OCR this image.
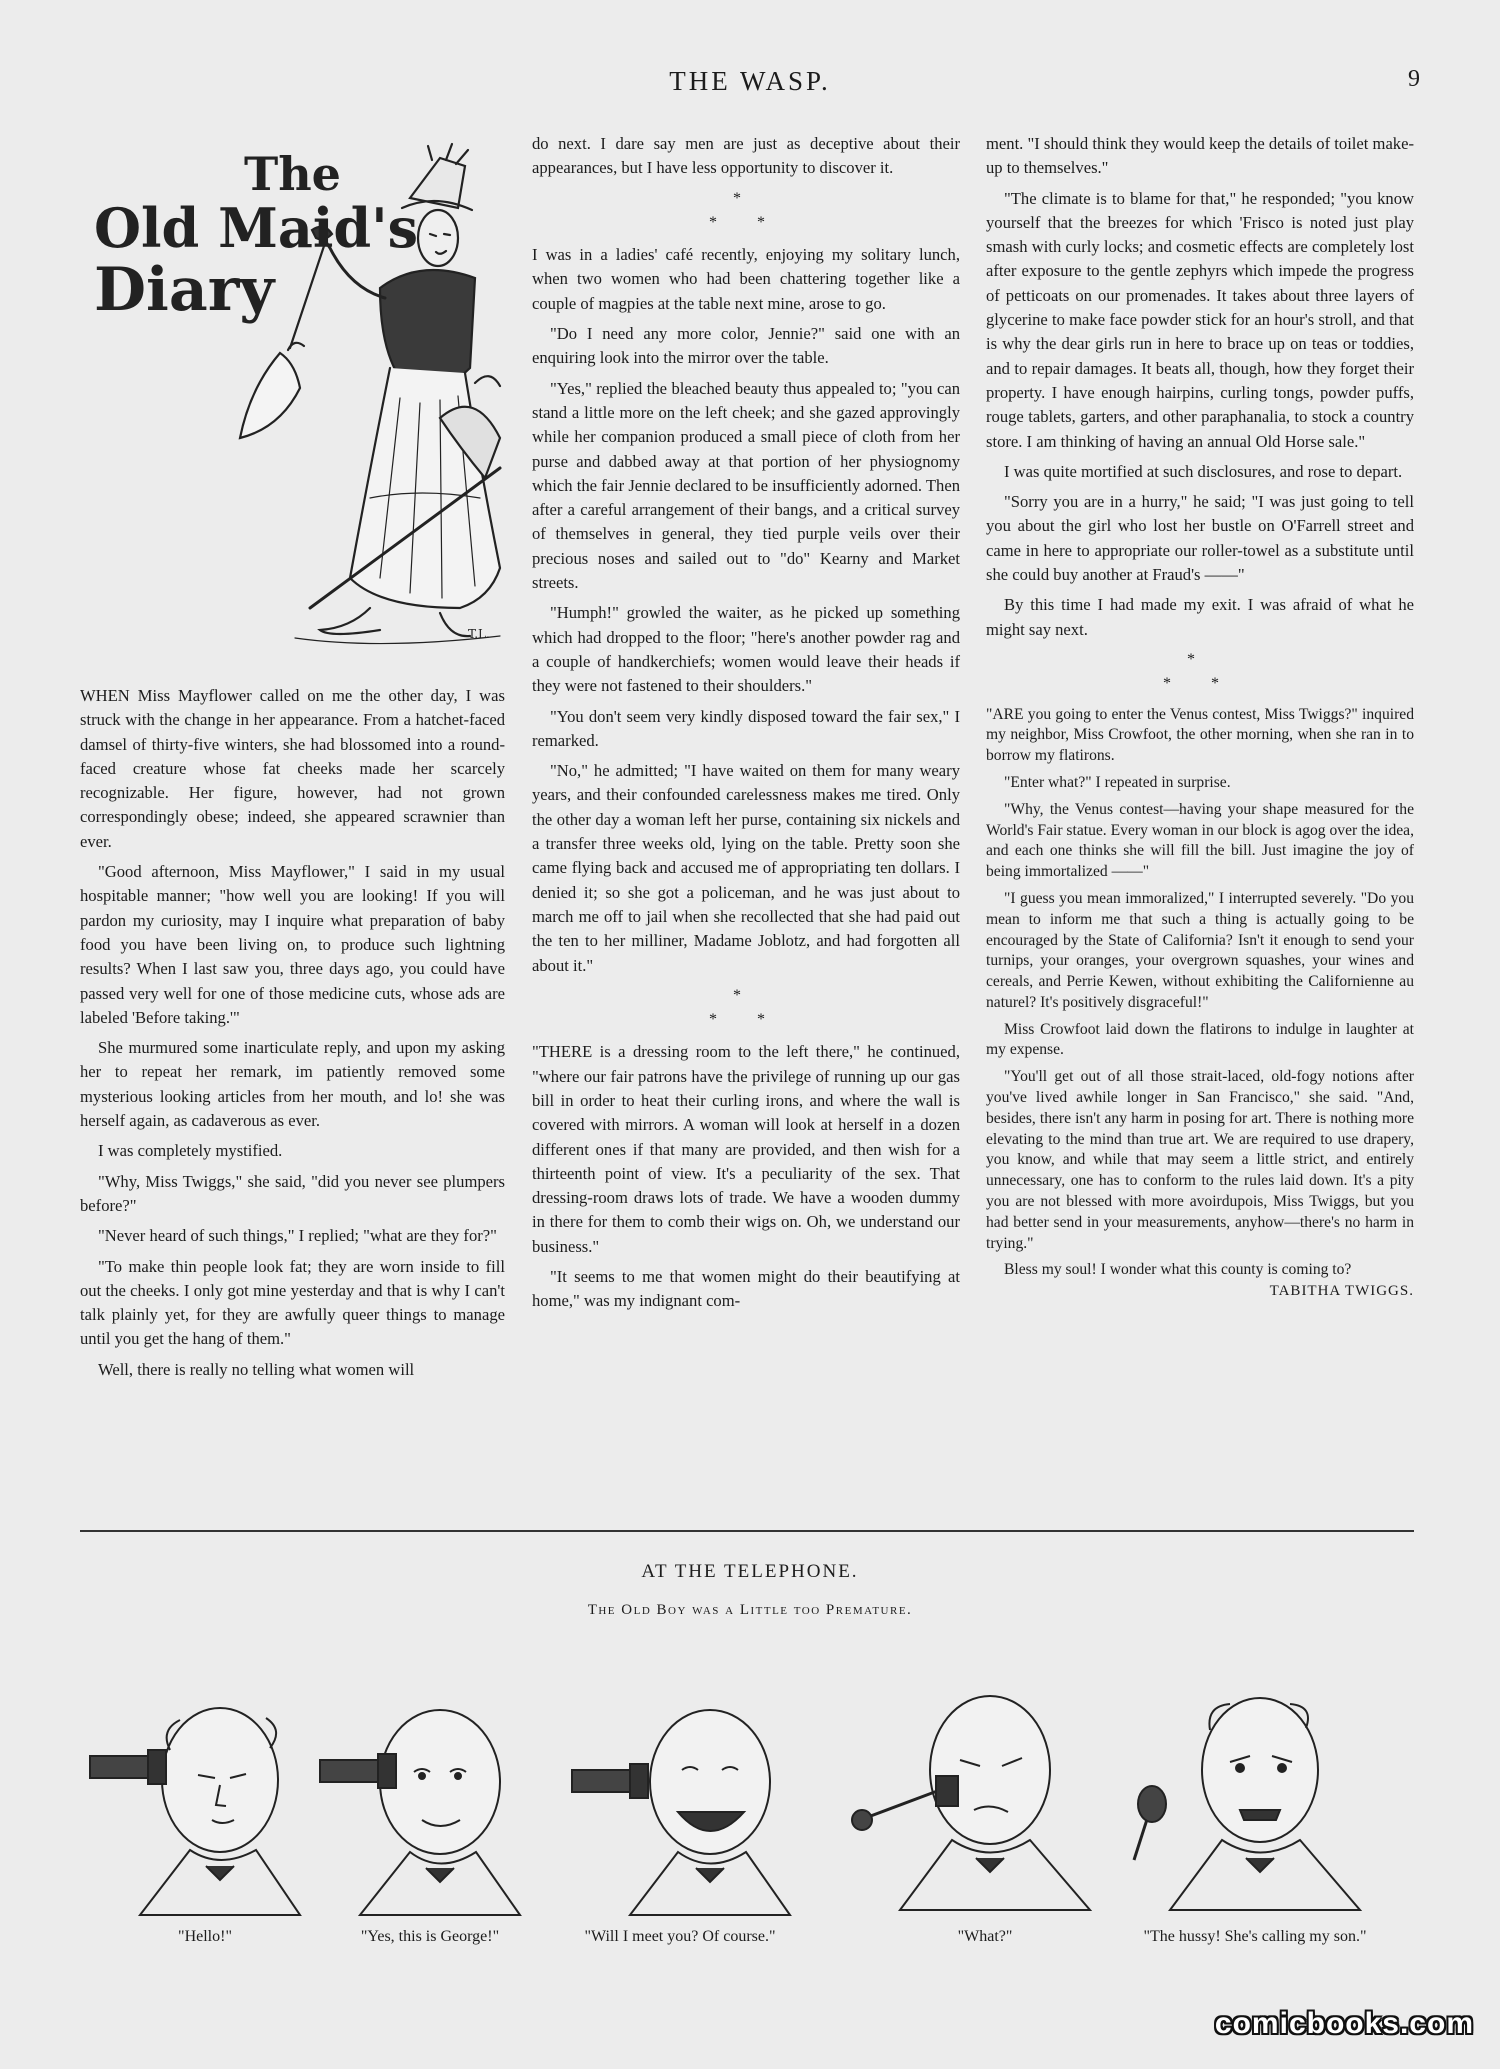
THE WASP.	9
T.L.
The
Old Maid's
Diary

WHEN Miss Mayflower called on me the other day, I was struck with the change in her appearance. From a hatchet-faced damsel of thirty-five winters, she had blossomed into a round-faced creature whose fat cheeks made her scarcely recognizable. Her figure, however, had not grown correspondingly obese; indeed, she appeared scrawnier than ever.

"Good afternoon, Miss Mayflower," I said in my usual hospitable manner; "how well you are looking! If you will pardon my curiosity, may I inquire what preparation of baby food you have been living on, to produce such lightning results? When I last saw you, three days ago, you could have passed very well for one of those medicine cuts, whose ads are labeled 'Before taking.'"

She murmured some inarticulate reply, and upon my asking her to repeat her remark, im patiently removed some mysterious looking articles from her mouth, and lo! she was herself again, as cadaverous as ever.

I was completely mystified.

"Why, Miss Twiggs," she said, "did you never see plumpers before?"

"Never heard of such things," I replied; "what are they for?"

"To make thin people look fat; they are worn inside to fill out the cheeks. I only got mine yesterday and that is why I can't talk plainly yet, for they are awfully queer things to manage until you get the hang of them."

Well, there is really no telling what women will

do next. I dare say men are just as deceptive about their appearances, but I have less opportunity to discover it.

*
* *

I was in a ladies' café recently, enjoying my solitary lunch, when two women who had been chattering together like a couple of magpies at the table next mine, arose to go.

"Do I need any more color, Jennie?" said one with an enquiring look into the mirror over the table.

"Yes," replied the bleached beauty thus appealed to; "you can stand a little more on the left cheek; and she gazed approvingly while her companion produced a small piece of cloth from her purse and dabbed away at that portion of her physiognomy which the fair Jennie declared to be insufficiently adorned. Then after a careful arrangement of their bangs, and a critical survey of themselves in general, they tied purple veils over their precious noses and sailed out to "do" Kearny and Market streets.

"Humph!" growled the waiter, as he picked up something which had dropped to the floor; "here's another powder rag and a couple of handkerchiefs; women would leave their heads if they were not fastened to their shoulders."

"You don't seem very kindly disposed toward the fair sex," I remarked.

"No," he admitted; "I have waited on them for many weary years, and their confounded carelessness makes me tired. Only the other day a woman left her purse, containing six nickels and a transfer three weeks old, lying on the table. Pretty soon she came flying back and accused me of appropriating ten dollars. I denied it; so she got a policeman, and he was just about to march me off to jail when she recollected that she had paid out the ten to her milliner, Madame Joblotz, and had forgotten all about it."

*
* *

"THERE is a dressing room to the left there," he continued, "where our fair patrons have the privilege of running up our gas bill in order to heat their curling irons, and where the wall is covered with mirrors. A woman will look at herself in a dozen different ones if that many are provided, and then wish for a thirteenth point of view. It's a peculiarity of the sex. That dressing-room draws lots of trade. We have a wooden dummy in there for them to comb their wigs on. Oh, we understand our business."

"It seems to me that women might do their beautifying at home," was my indignant com-

ment. "I should think they would keep the details of toilet make-up to themselves."

"The climate is to blame for that," he responded; "you know yourself that the breezes for which 'Frisco is noted just play smash with curly locks; and cosmetic effects are completely lost after exposure to the gentle zephyrs which impede the progress of petticoats on our promenades. It takes about three layers of glycerine to make face powder stick for an hour's stroll, and that is why the dear girls run in here to brace up on teas or toddies, and to repair damages. It beats all, though, how they forget their property. I have enough hairpins, curling tongs, powder puffs, rouge tablets, garters, and other paraphanalia, to stock a country store. I am thinking of having an annual Old Horse sale."

I was quite mortified at such disclosures, and rose to depart.

"Sorry you are in a hurry," he said; "I was just going to tell you about the girl who lost her bustle on O'Farrell street and came in here to appropriate our roller-towel as a substitute until she could buy another at Fraud's ——"

By this time I had made my exit. I was afraid of what he might say next.

*
* *

"ARE you going to enter the Venus contest, Miss Twiggs?" inquired my neighbor, Miss Crowfoot, the other morning, when she ran in to borrow my flatirons.

"Enter what?" I repeated in surprise.

"Why, the Venus contest—having your shape measured for the World's Fair statue. Every woman in our block is agog over the idea, and each one thinks she will fill the bill. Just imagine the joy of being immortalized ——"

"I guess you mean immoralized," I interrupted severely. "Do you mean to inform me that such a thing is actually going to be encouraged by the State of California? Isn't it enough to send your turnips, your oranges, your overgrown squashes, your wines and cereals, and Perrie Kewen, without exhibiting the Californienne au naturel? It's positively disgraceful!"

Miss Crowfoot laid down the flatirons to indulge in laughter at my expense.

"You'll get out of all those strait-laced, old-fogy notions after you've lived awhile longer in San Francisco," she said. "And, besides, there isn't any harm in posing for art. There is nothing more elevating to the mind than true art. We are required to use drapery, you know, and while that may seem a little strict, and entirely unnecessary, one has to conform to the rules laid down. It's a pity you are not blessed with more avoirdupois, Miss Twiggs, but you had better send in your measurements, anyhow—there's no harm in trying."

Bless my soul! I wonder what this county is coming to?
TABITHA TWIGGS.

AT THE TELEPHONE.
The Old Boy was a Little too Premature.
"Hello!"	"Yes, this is George!"	"Will I meet you? Of course."	"What?"	"The hussy! She's calling my son."
comicbooks.com
